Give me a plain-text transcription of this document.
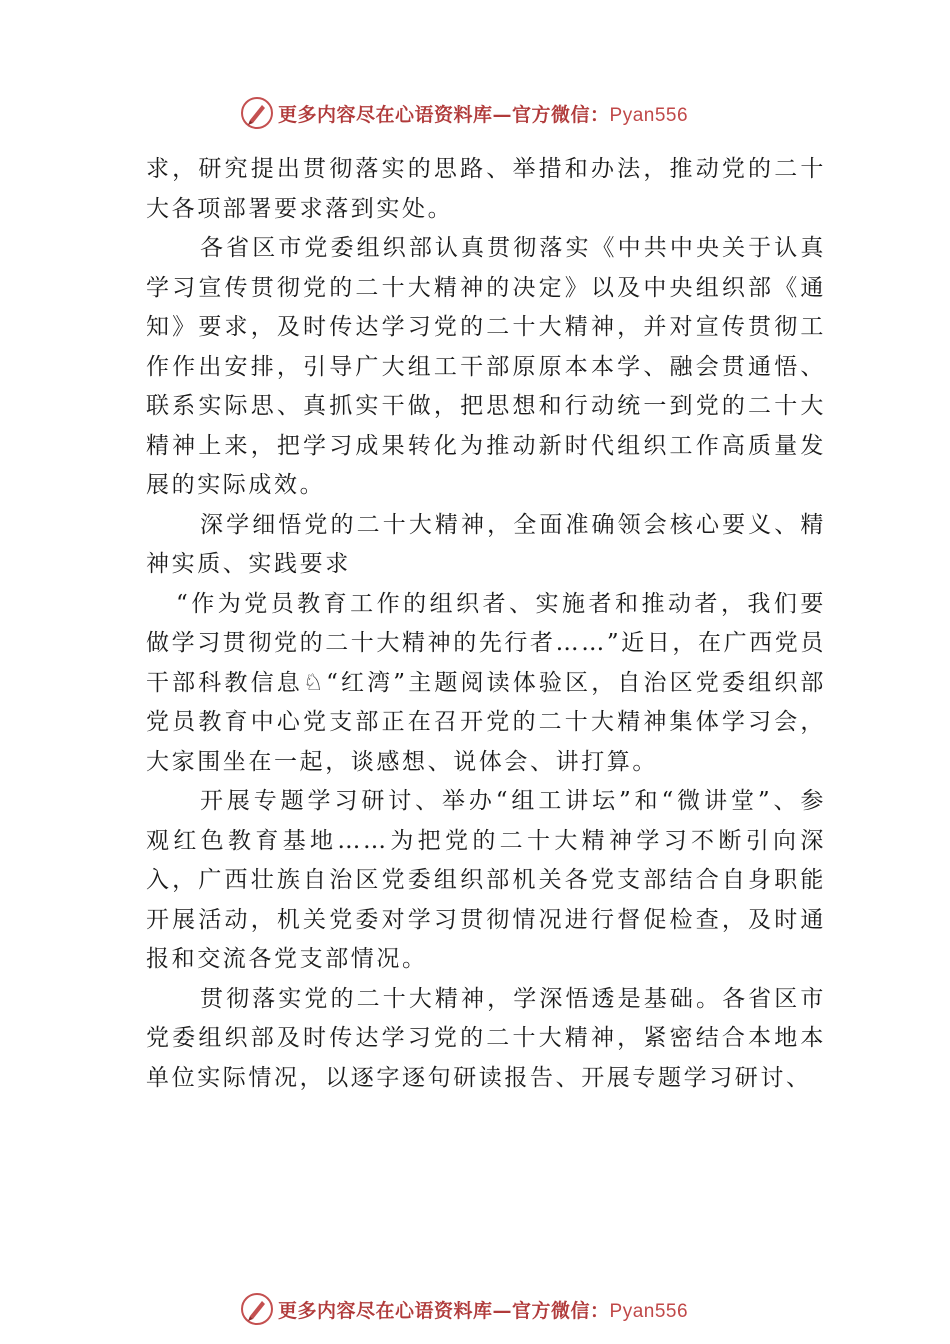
更多内容尽在心语资料库—官方微信：Pyan556

求，研究提出贯彻落实的思路、举措和办法，推动党的二十大各项部署要求落到实处。

各省区市党委组织部认真贯彻落实《中共中央关于认真学习宣传贯彻党的二十大精神的决定》以及中央组织部《通知》要求，及时传达学习党的二十大精神，并对宣传贯彻工作作出安排，引导广大组工干部原原本本学、融会贯通悟、 联系实际思、真抓实干做，把思想和行动统一到党的二十大精神上来，把学习成果转化为推动新时代组织工作高质量发展的实际成效。

深学细悟党的二十大精神，全面准确领会核心要义、精神实质、实践要求

“作为党员教育工作的组织者、实施者和推动者，我们要做学习贯彻党的二十大精神的先行者……”近日，在广西党员干部科教信息♘“红湾”主题阅读体验区，自治区党委组织部党员教育中心党支部正在召开党的二十大精神集体学习会，大家围坐在一起，谈感想、说体会、讲打算。

开展专题学习研讨、举办“组工讲坛”和“微讲堂”、参 观红色教育基地……为把党的二十大精神学习不断引向深 入，广西壮族自治区党委组织部机关各党支部结合自身职能开展活动，机关党委对学习贯彻情况进行督促检查，及时通报和交流各党支部情况。

贯彻落实党的二十大精神，学深悟透是基础。各省区市党委组织部及时传达学习党的二十大精神，紧密结合本地本单位实际情况，以逐字逐句研读报告、开展专题学习研讨、

更多内容尽在心语资料库—官方微信：Pyan556
